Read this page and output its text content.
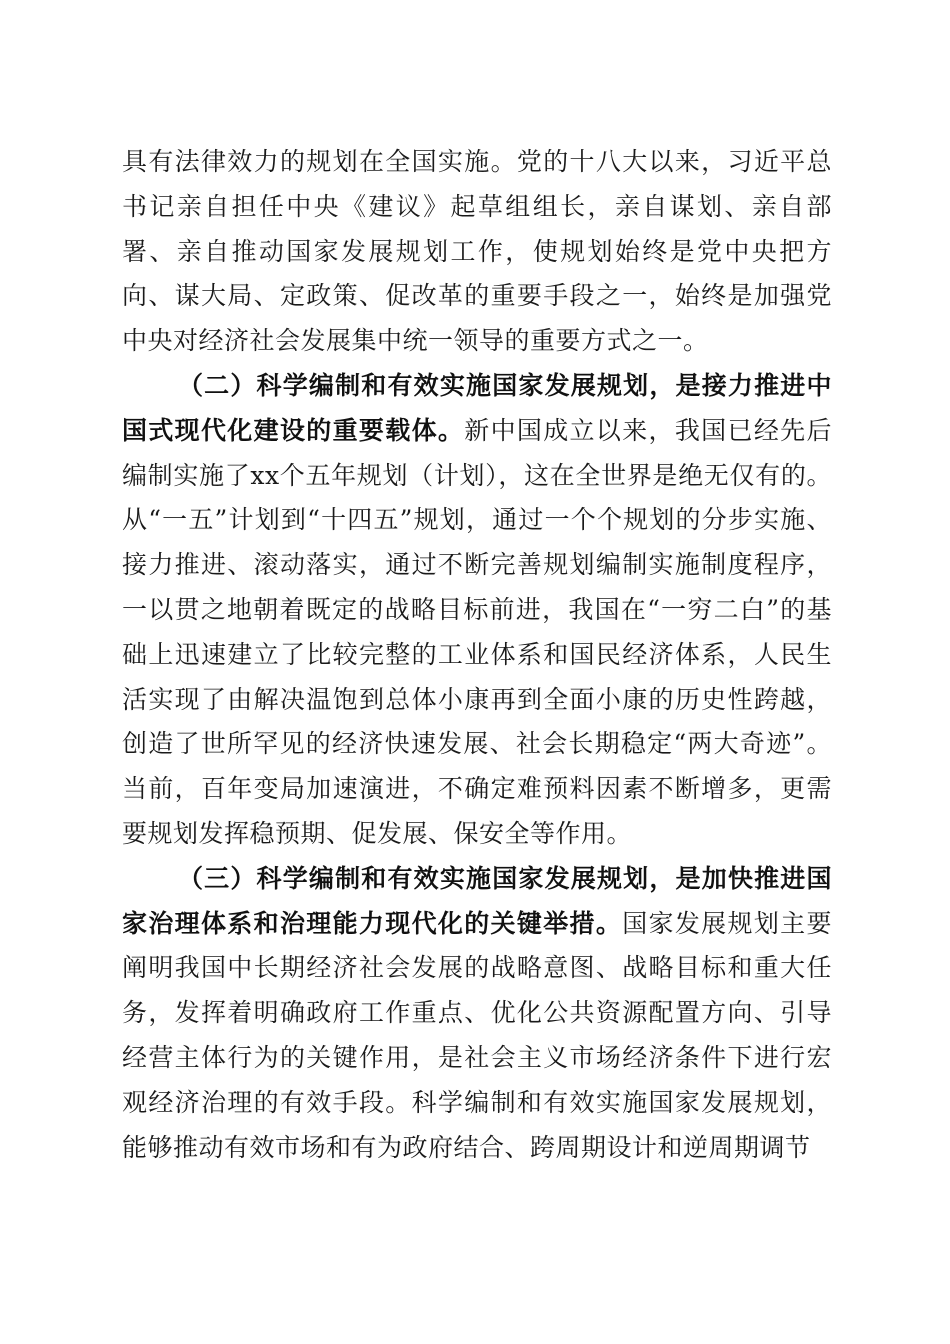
具有法律效力的规划在全国实施。党的十八大以来，习近平总书记亲自担任中央《建议》起草组组长，亲自谋划、亲自部署、亲自推动国家发展规划工作，使规划始终是党中央把方向、谋大局、定政策、促改革的重要手段之一，始终是加强党中央对经济社会发展集中统一领导的重要方式之一。

（二）科学编制和有效实施国家发展规划，是接力推进中国式现代化建设的重要载体。新中国成立以来，我国已经先后编制实施了xx个五年规划（计划），这在全世界是绝无仅有的。从“一五”计划到“十四五”规划，通过一个个规划的分步实施、接力推进、滚动落实，通过不断完善规划编制实施制度程序，一以贯之地朝着既定的战略目标前进，我国在“一穷二白”的基础上迅速建立了比较完整的工业体系和国民经济体系，人民生活实现了由解决温饱到总体小康再到全面小康的历史性跨越，创造了世所罕见的经济快速发展、社会长期稳定“两大奇迹”。当前，百年变局加速演进，不确定难预料因素不断增多，更需要规划发挥稳预期、促发展、保安全等作用。

（三）科学编制和有效实施国家发展规划，是加快推进国家治理体系和治理能力现代化的关键举措。国家发展规划主要阐明我国中长期经济社会发展的战略意图、战略目标和重大任务，发挥着明确政府工作重点、优化公共资源配置方向、引导经营主体行为的关键作用，是社会主义市场经济条件下进行宏观经济治理的有效手段。科学编制和有效实施国家发展规划，能够推动有效市场和有为政府结合、跨周期设计和逆周期调节
